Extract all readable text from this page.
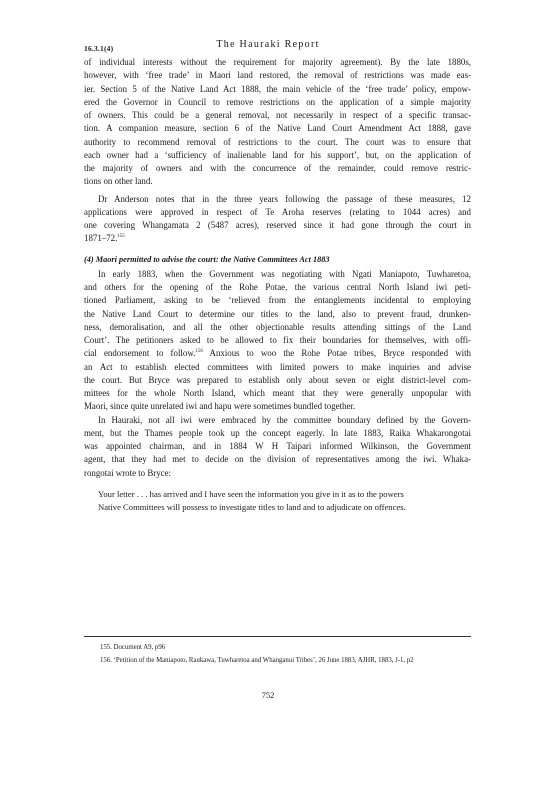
16.3.1(4)	The Hauraki Report
of individual interests without the requirement for majority agreement). By the late 1880s,
however, with ‘free trade’ in Maori land restored, the removal of restrictions was made eas-
ier. Section 5 of the Native Land Act 1888, the main vehicle of the ‘free trade’ policy, empow-
ered the Governor in Council to remove restrictions on the application of a simple majority
of owners. This could be a general removal, not necessarily in respect of a specific transac-
tion. A companion measure, section 6 of the Native Land Court Amendment Act 1888, gave
authority to recommend removal of restrictions to the court. The court was to ensure that
each owner had a ‘sufficiency of inalienable land for his support’, but, on the application of
the majority of owners and with the concurrence of the remainder, could remove restric-
tions on other land.
Dr Anderson notes that in the three years following the passage of these measures, 12
applications were approved in respect of Te Aroha reserves (relating to 1044 acres) and
one covering Whangamata 2 (5487 acres), reserved since it had gone through the court in
1871–72.$^{155}$
(4) Maori permitted to advise the court: the Native Committees Act 1883
In early 1883, when the Government was negotiating with Ngati Maniapoto, Tuwharetoa,
and others for the opening of the Rohe Potae, the various central North Island iwi peti-
tioned Parliament, asking to be ‘relieved from the entanglements incidental to employing
the Native Land Court to determine our titles to the land, also to prevent fraud, drunken-
ness, demoralisation, and all the other objectionable results attending sittings of the Land
Court’. The petitioners asked to be allowed to fix their boundaries for themselves, with offi-
cial endorsement to follow.$^{156}$ Anxious to woo the Rohe Potae tribes, Bryce responded with
an Act to establish elected committees with limited powers to make inquiries and advise
the court. But Bryce was prepared to establish only about seven or eight district-level com-
mittees for the whole North Island, which meant that they were generally unpopular with
Maori, since quite unrelated iwi and hapu were sometimes bundled together.
In Hauraki, not all iwi were embraced by the committee boundary defined by the Govern-
ment, but the Thames people took up the concept eagerly. In late 1883, Raika Whakarongotai
was appointed chairman, and in 1884 W H Taipari informed Wilkinson, the Government
agent, that they had met to decide on the division of representatives among the iwi. Whaka-
rongotai wrote to Bryce:
Your letter . . . has arrived and I have seen the information you give in it as to the powers
Native Committees will possess to investigate titles to land and to adjudicate on offences.
155. Document A9, p96
156. ‘Petition of the Maniapoto, Raukawa, Tuwharetoa and Whanganui Tribes’, 26 June 1883, AJHR, 1883, J-1, p2
752
